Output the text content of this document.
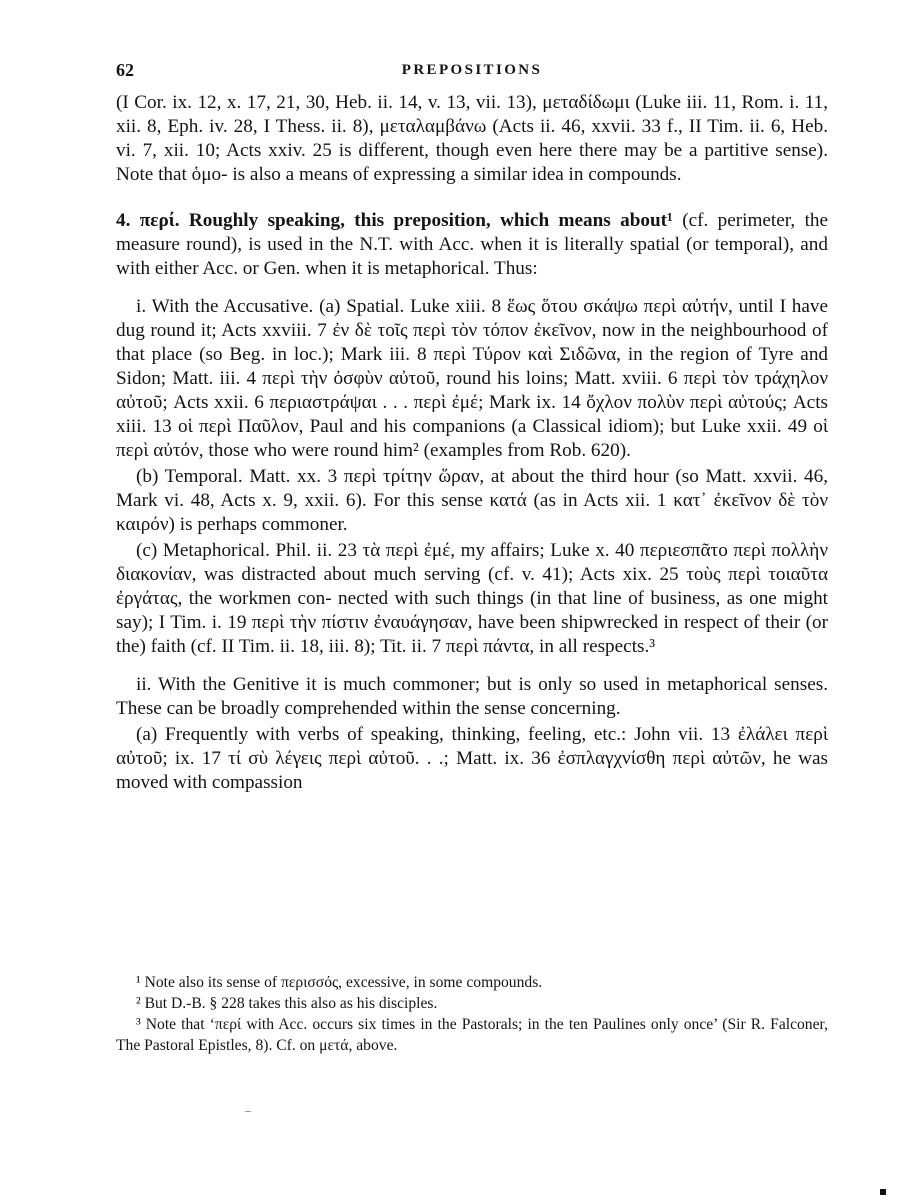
62	PREPOSITIONS

(I Cor. ix. 12, x. 17, 21, 30, Heb. ii. 14, v. 13, vii. 13), μεταδίδωμι (Luke iii. 11, Rom. i. 11, xii. 8, Eph. iv. 28, I Thess. ii. 8), μεταλαμβάνω (Acts ii. 46, xxvii. 33 f., II Tim. ii. 6, Heb. vi. 7, xii. 10; Acts xxiv. 25 is different, though even here there may be a partitive sense). Note that ὁμο- is also a means of expressing a similar idea in compounds.

4. περί. Roughly speaking, this preposition, which means about¹ (cf. perimeter, the measure round), is used in the N.T. with Acc. when it is literally spatial (or temporal), and with either Acc. or Gen. when it is metaphorical. Thus:

i. With the Accusative. (a) Spatial. Luke xiii. 8 ἕως ὅτου σκάψω περὶ αὐτήν, until I have dug round it; Acts xxviii. 7 ἐν δὲ τοῖς περὶ τὸν τόπον ἐκεῖνον, now in the neighbourhood of that place (so Beg. in loc.); Mark iii. 8 περὶ Τύρον καὶ Σιδῶνα, in the region of Tyre and Sidon; Matt. iii. 4 περὶ τὴν ὀσφὺν αὐτοῦ, round his loins; Matt. xviii. 6 περὶ τὸν τράχηλον αὐτοῦ; Acts xxii. 6 περιαστράψαι . . . περὶ ἐμέ; Mark ix. 14 ὄχλον πολὺν περὶ αὐτούς; Acts xiii. 13 οἱ περὶ Παῦλον, Paul and his companions (a Classical idiom); but Luke xxii. 49 οἱ περὶ αὐτόν, those who were round him² (examples from Rob. 620).

(b) Temporal. Matt. xx. 3 περὶ τρίτην ὥραν, at about the third hour (so Matt. xxvii. 46, Mark vi. 48, Acts x. 9, xxii. 6). For this sense κατά (as in Acts xii. 1 κατ᾽ ἐκεῖνον δὲ τὸν καιρόν) is perhaps commoner.

(c) Metaphorical. Phil. ii. 23 τὰ περὶ ἐμέ, my affairs; Luke x. 40 περιεσπᾶτο περὶ πολλὴν διακονίαν, was distracted about much serving (cf. v. 41); Acts xix. 25 τοὺς περὶ τοιαῦτα ἐργάτας, the workmen con- nected with such things (in that line of business, as one might say); I Tim. i. 19 περὶ τὴν πίστιν ἐναυάγησαν, have been shipwrecked in respect of their (or the) faith (cf. II Tim. ii. 18, iii. 8); Tit. ii. 7 περὶ πάντα, in all respects.³

ii. With the Genitive it is much commoner; but is only so used in metaphorical senses. These can be broadly comprehended within the sense concerning.

(a) Frequently with verbs of speaking, thinking, feeling, etc.: John vii. 13 ἐλάλει περὶ αὐτοῦ; ix. 17 τί σὺ λέγεις περὶ αὐτοῦ. . .; Matt. ix. 36 ἐσπλαγχνίσθη περὶ αὐτῶν, he was moved with compassion

¹ Note also its sense of περισσός, excessive, in some compounds.

² But D.-B. § 228 takes this also as his disciples.

³ Note that ‘περί with Acc. occurs six times in the Pastorals; in the ten Paulines only once’ (Sir R. Falconer, The Pastoral Epistles, 8). Cf. on μετά, above.
